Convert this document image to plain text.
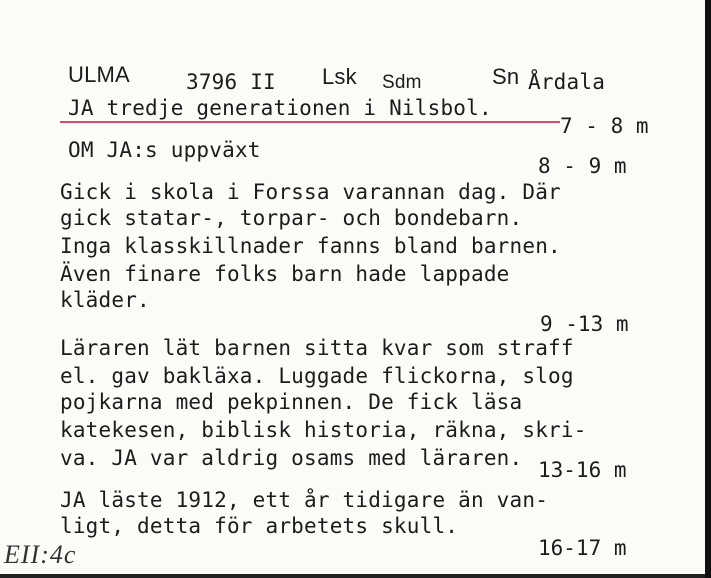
ULMA	3796 II Lsk Sdm	Sn Årdala
JA tredje generationen i Nilsbol.
OM JA:s uppväxt
7 - 8 m
8 - 9 m
9 -13 m
13-16 m
16-17 m
Gick i skola i Forssa varannan dag. Där
gick statar-, torpar- och bondebarn.
Inga klasskillnader fanns bland barnen.
Även finare folks barn hade lappade
kläder.
Läraren lät barnen sitta kvar som straff
el. gav bakläxa. Luggade flickorna, slog
pojkarna med pekpinnen. De fick läsa
katekesen, biblisk historia, räkna, skri-
va. JA var aldrig osams med läraren.
JA läste 1912, ett år tidigare än van-
ligt, detta för arbetets skull.
EII:4c
